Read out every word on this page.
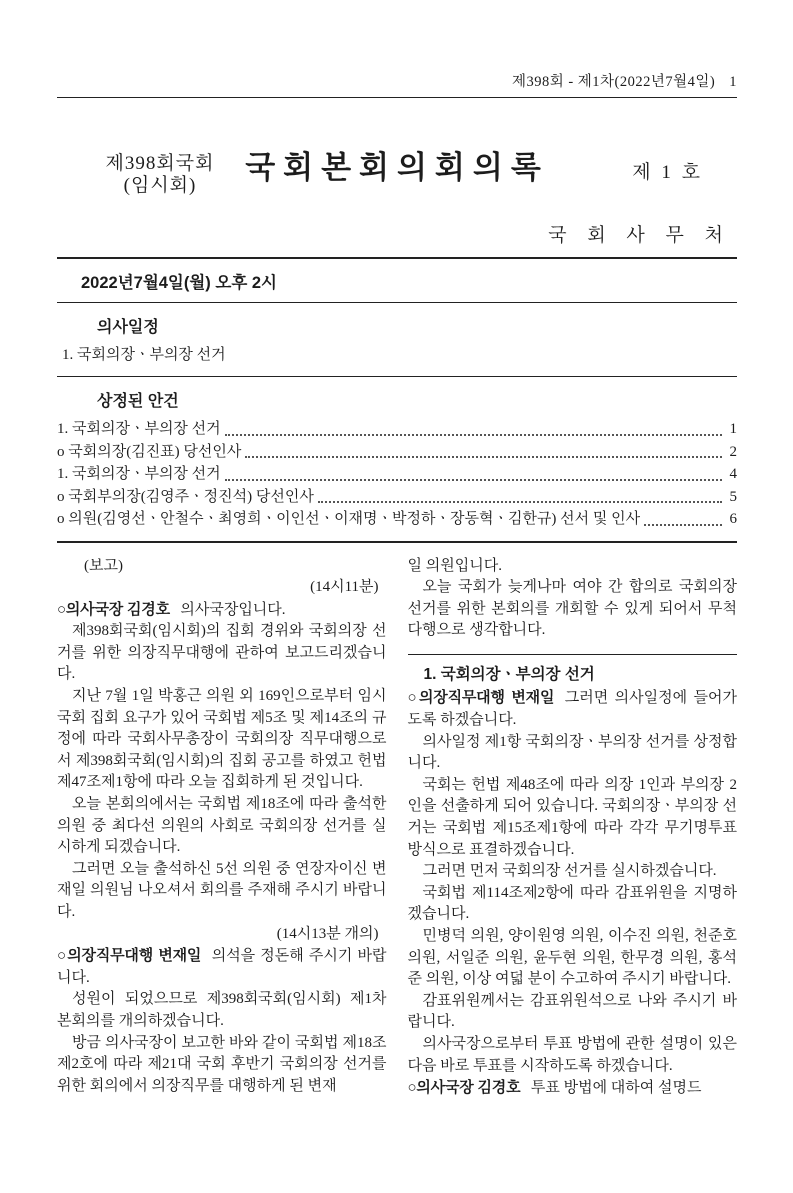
제398회 - 제1차(2022년7월4일) 1
제398회국회
(임시회)
국회본회의회의록	제 1 호
국 회 사 무 처
2022년7월4일(월) 오후 2시
의사일정
1. 국회의장ㆍ부의장 선거
상정된 안건
1. 국회의장ㆍ부의장 선거	1
o 국회의장(김진표) 당선인사	2
1. 국회의장ㆍ부의장 선거	4
o 국회부의장(김영주ㆍ정진석) 당선인사	5
o 의원(김영선ㆍ안철수ㆍ최영희ㆍ이인선ㆍ이재명ㆍ박정하ㆍ장동혁ㆍ김한규) 선서 및 인사	6

(보고)

(14시11분)

○의사국장 김경호 의사국장입니다.

제398회국회(임시회)의 집회 경위와 국회의장 선거를 위한 의장직무대행에 관하여 보고드리겠습니다.

지난 7월 1일 박홍근 의원 외 169인으로부터 임시국회 집회 요구가 있어 국회법 제5조 및 제14조의 규정에 따라 국회사무총장이 국회의장 직무대행으로서 제398회국회(임시회)의 집회 공고를 하였고 헌법 제47조제1항에 따라 오늘 집회하게 된 것입니다.

오늘 본회의에서는 국회법 제18조에 따라 출석한 의원 중 최다선 의원의 사회로 국회의장 선거를 실시하게 되겠습니다.

그러면 오늘 출석하신 5선 의원 중 연장자이신 변재일 의원님 나오셔서 회의를 주재해 주시기 바랍니다.

(14시13분 개의)

○의장직무대행 변재일 의석을 정돈해 주시기 바랍니다.

성원이 되었으므로 제398회국회(임시회) 제1차 본회의를 개의하겠습니다.

방금 의사국장이 보고한 바와 같이 국회법 제18조제2호에 따라 제21대 국회 후반기 국회의장 선거를 위한 회의에서 의장직무를 대행하게 된 변재

일 의원입니다.

오늘 국회가 늦게나마 여야 간 합의로 국회의장 선거를 위한 본회의를 개회할 수 있게 되어서 무척 다행으로 생각합니다.

1. 국회의장ㆍ부의장 선거

○의장직무대행 변재일 그러면 의사일정에 들어가도록 하겠습니다.

의사일정 제1항 국회의장ㆍ부의장 선거를 상정합니다.

국회는 헌법 제48조에 따라 의장 1인과 부의장 2인을 선출하게 되어 있습니다. 국회의장ㆍ부의장 선거는 국회법 제15조제1항에 따라 각각 무기명투표 방식으로 표결하겠습니다.

그러면 먼저 국회의장 선거를 실시하겠습니다.

국회법 제114조제2항에 따라 감표위원을 지명하겠습니다.

민병덕 의원, 양이원영 의원, 이수진 의원, 천준호 의원, 서일준 의원, 윤두현 의원, 한무경 의원, 홍석준 의원, 이상 여덟 분이 수고하여 주시기 바랍니다.

감표위원께서는 감표위원석으로 나와 주시기 바랍니다.

의사국장으로부터 투표 방법에 관한 설명이 있은 다음 바로 투표를 시작하도록 하겠습니다.

○의사국장 김경호 투표 방법에 대하여 설명드
